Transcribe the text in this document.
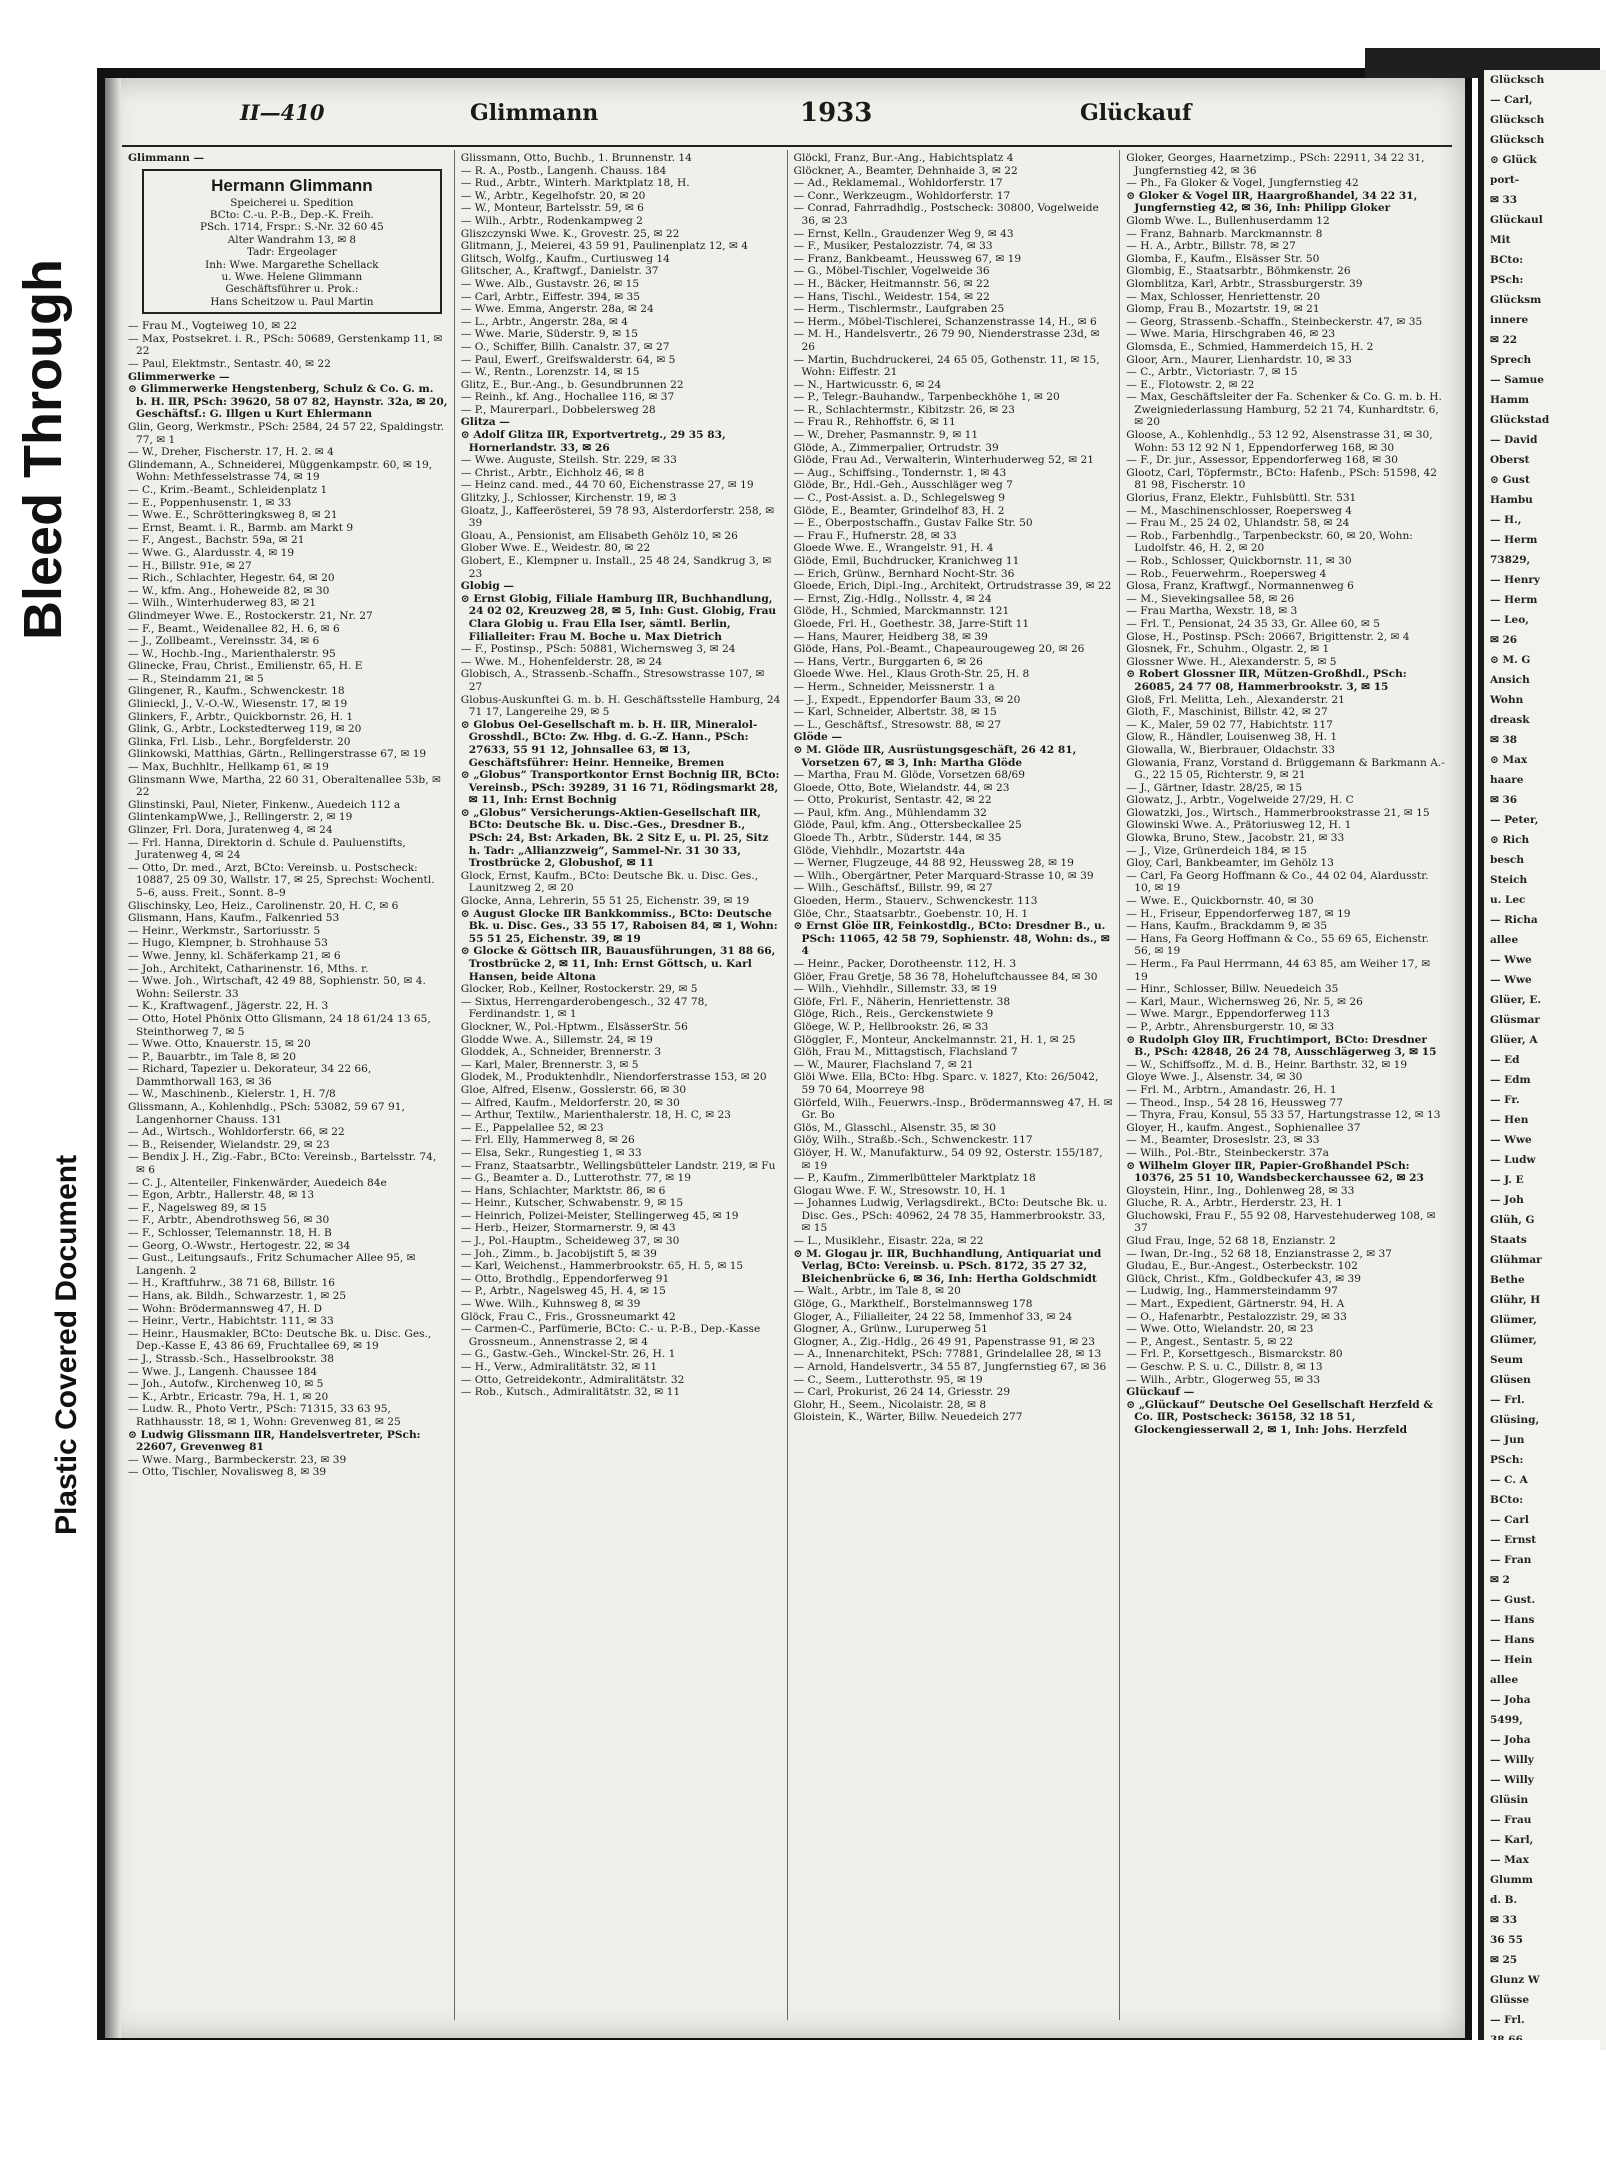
II—410	Glimmann	1933	Glückauf

Glimmann —

Hermann Glimmann
Speicherei u. Spedition
BCto: C.-u. P.-B., Dep.-K. Freih.
PSch. 1714, Frspr.: S.-Nr. 32 60 45
Alter Wandrahm 13, ✉ 8
Tadr: Ergeolager
Inh: Wwe. Margarethe Schellack
u. Wwe. Helene Glimmann
Geschäftsführer u. Prok.:
Hans Scheitzow u. Paul Martin

— Frau M., Vogteiweg 10, ✉ 22

— Max, Postsekret. i. R., PSch: 50689, Gerstenkamp 11, ✉ 22

— Paul, Elektmstr., Sentastr. 40, ✉ 22

Glimmerwerke —

⊙ Glimmerwerke Hengstenberg, Schulz & Co. G. m. b. H. ⅡR, PSch: 39620, 58 07 82, Haynstr. 32a, ✉ 20, Geschäftsf.: G. Illgen u Kurt Ehlermann

Glin, Georg, Werkmstr., PSch: 2584, 24 57 22, Spaldingstr. 77, ✉ 1

— W., Dreher, Fischerstr. 17, H. 2. ✉ 4

Glindemann, A., Schneiderei, Müggenkampstr. 60, ✉ 19, Wohn: Methfesselstrasse 74, ✉ 19

— C., Krim.-Beamt., Schleidenplatz 1

— E., Poppenhusenstr. 1, ✉ 33

— Wwe. E., Schrötteringksweg 8, ✉ 21

— Ernst, Beamt. i. R., Barmb. am Markt 9

— F., Angest., Bachstr. 59a, ✉ 21

— Wwe. G., Alardusstr. 4, ✉ 19

— H., Billstr. 91e, ✉ 27

— Rich., Schlachter, Hegestr. 64, ✉ 20

— W., kfm. Ang., Hoheweide 82, ✉ 30

— Wilh., Winterhuderweg 83, ✉ 21

Glindmeyer Wwe. E., Rostockerstr. 21, Nr. 27

— F., Beamt., Weidenallee 82, H. 6, ✉ 6

— J., Zollbeamt., Vereinsstr. 34, ✉ 6

— W., Hochb.-Ing., Marienthalerstr. 95

Glinecke, Frau, Christ., Emilienstr. 65, H. E

— R., Steindamm 21, ✉ 5

Glingener, R., Kaufm., Schwenckestr. 18

Glinieckl, J., V.-O.-W., Wiesenstr. 17, ✉ 19

Glinkers, F., Arbtr., Quickbornstr. 26, H. 1

Glink, G., Arbtr., Lockstedterweg 119, ✉ 20

Glinka, Frl. Lisb., Lehr., Borgfelderstr. 20

Glinkowski, Matthias, Gärtn., Rellingerstrasse 67, ✉ 19

— Max, Buchhltr., Hellkamp 61, ✉ 19

Glinsmann Wwe, Martha, 22 60 31, Oberaltenallee 53b, ✉ 22

Glinstinski, Paul, Nieter, Finkenw., Auedeich 112 a

GlintenkampWwe, J., Rellingerstr. 2, ✉ 19

Glinzer, Frl. Dora, Juratenweg 4, ✉ 24

— Frl. Hanna, Direktorin d. Schule d. Pauluenstifts, Juratenweg 4, ✉ 24

— Otto, Dr. med., Arzt, BCto: Vereinsb. u. Postscheck: 10887, 25 09 30, Wallstr. 17, ✉ 25, Sprechst: Wochentl. 5–6, auss. Freit., Sonnt. 8–9

Glischinsky, Leo, Heiz., Carolinenstr. 20, H. C, ✉ 6

Glismann, Hans, Kaufm., Falkenried 53

— Heinr., Werkmstr., Sartoriusstr. 5

— Hugo, Klempner, b. Strohhause 53

— Wwe. Jenny, kl. Schäferkamp 21, ✉ 6

— Joh., Architekt, Catharinenstr. 16, Mths. r.

— Wwe. Joh., Wirtschaft, 42 49 88, Sophienstr. 50, ✉ 4. Wohn: Seilerstr. 33

— K., Kraftwagenf., Jägerstr. 22, H. 3

— Otto, Hotel Phönix Otto Glismann, 24 18 61/24 13 65, Steinthorweg 7, ✉ 5

— Wwe. Otto, Knauerstr. 15, ✉ 20

— P., Bauarbtr., im Tale 8, ✉ 20

— Richard, Tapezier u. Dekorateur, 34 22 66, Dammthorwall 163, ✉ 36

— W., Maschinenb., Kielerstr. 1, H. 7/8

Glissmann, A., Kohlenhdlg., PSch: 53082, 59 67 91, Langenhorner Chauss. 131

— Ad., Wirtsch., Wohldorferstr. 66, ✉ 22

— B., Reisender, Wielandstr. 29, ✉ 23

— Bendix J. H., Zig.-Fabr., BCto: Vereinsb., Bartelsstr. 74, ✉ 6

— C. J., Altenteiler, Finkenwärder, Auedeich 84e

— Egon, Arbtr., Hallerstr. 48, ✉ 13

— F., Nagelsweg 89, ✉ 15

— F., Arbtr., Abendrothsweg 56, ✉ 30

— F., Schlosser, Telemannstr. 18, H. B

— Georg, O.-Wwstr., Hertogestr. 22, ✉ 34

— Gust., Leitungsaufs., Fritz Schumacher Allee 95, ✉ Langenh. 2

— H., Kraftfuhrw., 38 71 68, Billstr. 16

— Hans, ak. Bildh., Schwarzestr. 1, ✉ 25

— Wohn: Brödermannsweg 47, H. D

— Heinr., Vertr., Habichtstr. 111, ✉ 33

— Heinr., Hausmakler, BCto: Deutsche Bk. u. Disc. Ges., Dep.-Kasse E, 43 86 69, Fruchtallee 69, ✉ 19

— J., Strassb.-Sch., Hasselbrookstr. 38

— Wwe. J., Langenh. Chaussee 184

— Joh., Autofw., Kirchenweg 10, ✉ 5

— K., Arbtr., Ericastr. 79a, H. 1, ✉ 20

— Ludw. R., Photo Vertr., PSch: 71315, 33 63 95, Rathhausstr. 18, ✉ 1, Wohn: Grevenweg 81, ✉ 25

⊙ Ludwig Glissmann ⅡR, Handelsvertreter, PSch: 22607, Grevenweg 81

— Wwe. Marg., Barmbeckerstr. 23, ✉ 39

— Otto, Tischler, Novalisweg 8, ✉ 39

Glissmann, Otto, Buchb., 1. Brunnenstr. 14

— R. A., Postb., Langenh. Chauss. 184

— Rud., Arbtr., Winterh. Marktplatz 18, H.

— W., Arbtr., Kegelhofstr. 20, ✉ 20

— W., Monteur, Bartelsstr. 59, ✉ 6

— Wilh., Arbtr., Rodenkampweg 2

Gliszczynski Wwe. K., Grovestr. 25, ✉ 22

Glitmann, J., Meierei, 43 59 91, Paulinenplatz 12, ✉ 4

Glitsch, Wolfg., Kaufm., Curtiusweg 14

Glitscher, A., Kraftwgf., Danielstr. 37

— Wwe. Alb., Gustavstr. 26, ✉ 15

— Carl, Arbtr., Eiffestr. 394, ✉ 35

— Wwe. Emma, Angerstr. 28a, ✉ 24

— L., Arbtr., Angerstr. 28a, ✉ 4

— Wwe. Marie, Süderstr. 9, ✉ 15

— O., Schiffer, Billh. Canalstr. 37, ✉ 27

— Paul, Ewerf., Greifswalderstr. 64, ✉ 5

— W., Rentn., Lorenzstr. 14, ✉ 15

Glitz, E., Bur.-Ang., b. Gesundbrunnen 22

— Reinh., kf. Ang., Hochallee 116, ✉ 37

— P., Maurerparl., Dobbelersweg 28

Glitza —

⊙ Adolf Glitza ⅡR, Exportvertretg., 29 35 83, Hornerlandstr. 33, ✉ 26

— Wwe. Auguste, Steilsh. Str. 229, ✉ 33

— Christ., Arbtr., Eichholz 46, ✉ 8

— Heinz cand. med., 44 70 60, Eichenstrasse 27, ✉ 19

Glitzky, J., Schlosser, Kirchenstr. 19, ✉ 3

Gloatz, J., Kaffeerösterei, 59 78 93, Alsterdorferstr. 258, ✉ 39

Gloau, A., Pensionist, am Elisabeth Gehölz 10, ✉ 26

Glober Wwe. E., Weidestr. 80, ✉ 22

Globert, E., Klempner u. Install., 25 48 24, Sandkrug 3, ✉ 23

Globig —

⊙ Ernst Globig, Filiale Hamburg ⅡR, Buchhandlung, 24 02 02, Kreuzweg 28, ✉ 5, Inh: Gust. Globig, Frau Clara Globig u. Frau Ella Iser, sämtl. Berlin, Filialleiter: Frau M. Boche u. Max Dietrich

— F., Postinsp., PSch: 50881, Wichernsweg 3, ✉ 24

— Wwe. M., Hohenfelderstr. 28, ✉ 24

Globisch, A., Strassenb.-Schaffn., Stresowstrasse 107, ✉ 27

Globus-Auskunftei G. m. b. H. Geschäftsstelle Hamburg, 24 71 17, Langereihe 29, ✉ 5

⊙ Globus Oel-Gesellschaft m. b. H. ⅡR, Mineralol-Grosshdl., BCto: Zw. Hbg. d. G.-Z. Hann., PSch: 27633, 55 91 12, Johnsallee 63, ✉ 13, Geschäftsführer: Heinr. Henneike, Bremen

⊙ „Globus” Transportkontor Ernst Bochnig ⅡR, BCto: Vereinsb., PSch: 39289, 31 16 71, Rödingsmarkt 28, ✉ 11, Inh: Ernst Bochnig

⊙ „Globus” Versicherungs-Aktien-Gesellschaft ⅡR, BCto: Deutsche Bk. u. Disc.-Ges., Dresdner B., PSch: 24, Bst: Arkaden, Bk. 2 Sitz E, u. Pl. 25, Sitz h. Tadr: „Allianzzweig”, Sammel-Nr. 31 30 33, Trostbrücke 2, Globushof, ✉ 11

Glock, Ernst, Kaufm., BCto: Deutsche Bk. u. Disc. Ges., Launitzweg 2, ✉ 20

Glocke, Anna, Lehrerin, 55 51 25, Eichenstr. 39, ✉ 19

⊙ August Glocke ⅡR Bankkommiss., BCto: Deutsche Bk. u. Disc. Ges., 33 55 17, Raboisen 84, ✉ 1, Wohn: 55 51 25, Eichenstr. 39, ✉ 19

⊙ Glocke & Göttsch ⅡR, Bauausführungen, 31 88 66, Trostbrücke 2, ✉ 11, Inh: Ernst Göttsch, u. Karl Hansen, beide Altona

Glocker, Rob., Kellner, Rostockerstr. 29, ✉ 5

— Sixtus, Herrengarderobengesch., 32 47 78, Ferdinandstr. 1, ✉ 1

Glockner, W., Pol.-Hptwm., ElsässerStr. 56

Glodde Wwe. A., Sillemstr. 24, ✉ 19

Gloddek, A., Schneider, Brennerstr. 3

— Karl, Maler, Brennerstr. 3, ✉ 5

Glodek, M., Produktenhdlr., Niendorferstrasse 153, ✉ 20

Gloe, Alfred, Elsenw., Gosslerstr. 66, ✉ 30

— Alfred, Kaufm., Meldorferstr. 20, ✉ 30

— Arthur, Textilw., Marienthalerstr. 18, H. C, ✉ 23

— E., Pappelallee 52, ✉ 23

— Frl. Elly, Hammerweg 8, ✉ 26

— Elsa, Sekr., Rungestieg 1, ✉ 33

— Franz, Staatsarbtr., Wellingsbütteler Landstr. 219, ✉ Fu

— G., Beamter a. D., Lutterothstr. 77, ✉ 19

— Hans, Schlachter, Marktstr. 86, ✉ 6

— Heinr., Kutscher, Schwabenstr. 9, ✉ 15

— Heinrich, Polizei-Meister, Stellingerweg 45, ✉ 19

— Herb., Heizer, Stormarnerstr. 9, ✉ 43

— J., Pol.-Hauptm., Scheideweg 37, ✉ 30

— Joh., Zimm., b. Jacobijstift 5, ✉ 39

— Karl, Weichenst., Hammerbrookstr. 65, H. 5, ✉ 15

— Otto, Brothdlg., Eppendorferweg 91

— P., Arbtr., Nagelsweg 45, H. 4, ✉ 15

— Wwe. Wilh., Kuhnsweg 8, ✉ 39

Glöck, Frau C., Fris., Grossneumarkt 42

— Carmen-C., Parfümerie, BCto: C.- u. P.-B., Dep.-Kasse Grossneum., Annenstrasse 2, ✉ 4

— G., Gastw.-Geh., Winckel-Str. 26, H. 1

— H., Verw., Admiralitätstr. 32, ✉ 11

— Otto, Getreidekontr., Admiralitätstr. 32

— Rob., Kutsch., Admiralitätstr. 32, ✉ 11

Glöckl, Franz, Bur.-Ang., Habichtsplatz 4

Glöckner, A., Beamter, Dehnhaide 3, ✉ 22

— Ad., Reklamemal., Wohldorferstr. 17

— Conr., Werkzeugm., Wohldorferstr. 17

— Conrad, Fahrradhdlg., Postscheck: 30800, Vogelweide 36, ✉ 23

— Ernst, Kelln., Graudenzer Weg 9, ✉ 43

— F., Musiker, Pestalozzistr. 74, ✉ 33

— Franz, Bankbeamt., Heussweg 67, ✉ 19

— G., Möbel-Tischler, Vogelweide 36

— H., Bäcker, Heitmannstr. 56, ✉ 22

— Hans, Tischl., Weidestr. 154, ✉ 22

— Herm., Tischlermstr., Laufgraben 25

— Herm., Möbel-Tischlerei, Schanzenstrasse 14, H., ✉ 6

— M. H., Handelsvertr., 26 79 90, Nienderstrasse 23d, ✉ 26

— Martin, Buchdruckerei, 24 65 05, Gothenstr. 11, ✉ 15, Wohn: Eiffestr. 21

— N., Hartwicusstr. 6, ✉ 24

— P., Telegr.-Bauhandw., Tarpenbeckhöhe 1, ✉ 20

— R., Schlachtermstr., Kibitzstr. 26, ✉ 23

— Frau R., Rehhoffstr. 6, ✉ 11

— W., Dreher, Pasmannstr. 9, ✉ 11

Glöde, A., Zimmerpalier, Ortrudstr. 39

Glöde, Frau Ad., Verwalterin, Winterhuderweg 52, ✉ 21

— Aug., Schiffsing., Tondernstr. 1, ✉ 43

Glöde, Br., Hdl.-Geh., Ausschläger weg 7

— C., Post-Assist. a. D., Schlegelsweg 9

Glöde, E., Beamter, Grindelhof 83, H. 2

— E., Oberpostschaffn., Gustav Falke Str. 50

— Frau F., Hufnerstr. 28, ✉ 33

Gloede Wwe. E., Wrangelstr. 91, H. 4

Glöde, Emil, Buchdrucker, Kranichweg 11

— Erich, Grünw., Bernhard Nocht-Str. 36

Gloede, Erich, Dipl.-Ing., Architekt, Ortrudstrasse 39, ✉ 22

— Ernst, Zig.-Hdlg., Nollsstr. 4, ✉ 24

Glöde, H., Schmied, Marckmannstr. 121

Gloede, Frl. H., Goethestr. 38, Jarre-Stift 11

— Hans, Maurer, Heidberg 38, ✉ 39

Glöde, Hans, Pol.-Beamt., Chapeaurougeweg 20, ✉ 26

— Hans, Vertr., Burggarten 6, ✉ 26

Gloede Wwe. Hel., Klaus Groth-Str. 25, H. 8

— Herm., Schneider, Meissnerstr. 1 a

— J., Expedt., Eppendorfer Baum 33, ✉ 20

— Karl, Schneider, Albertstr. 38, ✉ 15

— L., Geschäftsf., Stresowstr. 88, ✉ 27

Glöde —

⊙ M. Glöde ⅡR, Ausrüstungsgeschäft, 26 42 81, Vorsetzen 67, ✉ 3, Inh: Martha Glöde

— Martha, Frau M. Glöde, Vorsetzen 68/69

Gloede, Otto, Bote, Wielandstr. 44, ✉ 23

— Otto, Prokurist, Sentastr. 42, ✉ 22

— Paul, kfm. Ang., Mühlendamm 32

Glöde, Paul, kfm. Ang., Ottersbeckallee 25

Gloede Th., Arbtr., Süderstr. 144, ✉ 35

Glöde, Viehhdlr., Mozartstr. 44a

— Werner, Flugzeuge, 44 88 92, Heussweg 28, ✉ 19

— Wilh., Obergärtner, Peter Marquard-Strasse 10, ✉ 39

— Wilh., Geschäftsf., Billstr. 99, ✉ 27

Gloeden, Herm., Stauerv., Schwenckestr. 113

Glöe, Chr., Staatsarbtr., Goebenstr. 10, H. 1

⊙ Ernst Glöe ⅡR, Feinkostdlg., BCto: Dresdner B., u. PSch: 11065, 42 58 79, Sophienstr. 48, Wohn: ds., ✉ 4

— Heinr., Packer, Dorotheenstr. 112, H. 3

Glöer, Frau Gretje, 58 36 78, Hoheluftchaussee 84, ✉ 30

— Wilh., Viehhdlr., Sillemstr. 33, ✉ 19

Glöfe, Frl. F., Näherin, Henriettenstr. 38

Glöge, Rich., Reis., Gerckenstwiete 9

Glöege, W. P., Hellbrookstr. 26, ✉ 33

Glöggler, F., Monteur, Anckelmannstr. 21, H. 1, ✉ 25

Glöh, Frau M., Mittagstisch, Flachsland 7

— W., Maurer, Flachsland 7, ✉ 21

Glöi Wwe. Ella, BCto: Hbg. Sparc. v. 1827, Kto: 26/5042, 59 70 64, Moorreye 98

Glörfeld, Wilh., Feuerwrs.-Insp., Brödermannsweg 47, H. ✉ Gr. Bo

Glös, M., Glasschl., Alsenstr. 35, ✉ 30

Glöy, Wilh., Straßb.-Sch., Schwenckestr. 117

Glöyer, H. W., Manufakturw., 54 09 92, Osterstr. 155/187, ✉ 19

— P., Kaufm., Zimmerlbütteler Marktplatz 18

Glogau Wwe. F. W., Stresowstr. 10, H. 1

— Johannes Ludwig, Verlagsdirekt., BCto: Deutsche Bk. u. Disc. Ges., PSch: 40962, 24 78 35, Hammerbrookstr. 33, ✉ 15

— L., Musiklehr., Eisastr. 22a, ✉ 22

⊙ M. Glogau jr. ⅡR, Buchhandlung, Antiquariat und Verlag, BCto: Vereinsb. u. PSch. 8172, 35 27 32, Bleichenbrücke 6, ✉ 36, Inh: Hertha Goldschmidt

— Walt., Arbtr., im Tale 8, ✉ 20

Glöge, G., Markthelf., Borstelmannsweg 178

Gloger, A., Filialleiter, 24 22 58, Immenhof 33, ✉ 24

Glogner, A., Grünw., Luruperweg 51

Glogner, A., Zig.-Hdlg., 26 49 91, Papenstrasse 91, ✉ 23

— A., Innenarchitekt, PSch: 77881, Grindelallee 28, ✉ 13

— Arnold, Handelsvertr., 34 55 87, Jungfernstieg 67, ✉ 36

— C., Seem., Lutterothstr. 95, ✉ 19

— Carl, Prokurist, 26 24 14, Griesstr. 29

Glohr, H., Seem., Nicolaistr. 28, ✉ 8

Gloistein, K., Wärter, Billw. Neuedeich 277

Gloker, Georges, Haarnetzimp., PSch: 22911, 34 22 31, Jungfernstieg 42, ✉ 36

— Ph., Fa Gloker & Vogel, Jungfernstieg 42

⊙ Gloker & Vogel ⅡR, Haargroßhandel, 34 22 31, Jungfernstieg 42, ✉ 36, Inh: Philipp Gloker

Glomb Wwe. L., Bullenhuserdamm 12

— Franz, Bahnarb. Marckmannstr. 8

— H. A., Arbtr., Billstr. 78, ✉ 27

Glomba, F., Kaufm., Elsässer Str. 50

Glombig, E., Staatsarbtr., Böhmkenstr. 26

Glomblitza, Karl, Arbtr., Strassburgerstr. 39

— Max, Schlosser, Henriettenstr. 20

Glomp, Frau B., Mozartstr. 19, ✉ 21

— Georg, Strassenb.-Schaffn., Steinbeckerstr. 47, ✉ 35

— Wwe. Maria, Hirschgraben 46, ✉ 23

Glomsda, E., Schmied, Hammerdeich 15, H. 2

Gloor, Arn., Maurer, Lienhardstr. 10, ✉ 33

— C., Arbtr., Victoriastr. 7, ✉ 15

— E., Flotowstr. 2, ✉ 22

— Max, Geschäftsleiter der Fa. Schenker & Co. G. m. b. H. Zweigniederlassung Hamburg, 52 21 74, Kunhardtstr. 6, ✉ 20

Gloose, A., Kohlenhdlg., 53 12 92, Alsenstrasse 31, ✉ 30, Wohn: 53 12 92 N 1, Eppendorferweg 168, ✉ 30

— F., Dr. jur., Assessor, Eppendorferweg 168, ✉ 30

Glootz, Carl, Töpfermstr., BCto: Hafenb., PSch: 51598, 42 81 98, Fischerstr. 10

Glorius, Franz, Elektr., Fuhlsbüttl. Str. 531

— M., Maschinenschlosser, Roepersweg 4

— Frau M., 25 24 02, Uhlandstr. 58, ✉ 24

— Rob., Farbenhdlg., Tarpenbeckstr. 60, ✉ 20, Wohn: Ludolfstr. 46, H. 2, ✉ 20

— Rob., Schlosser, Quickbornstr. 11, ✉ 30

— Rob., Feuerwehrm., Roepersweg 4

Glosa, Franz, Kraftwgf., Normannenweg 6

— M., Sievekingsallee 58, ✉ 26

— Frau Martha, Wexstr. 18, ✉ 3

— Frl. T., Pensionat, 24 35 33, Gr. Allee 60, ✉ 5

Glose, H., Postinsp. PSch: 20667, Brigittenstr. 2, ✉ 4

Glosnek, Fr., Schuhm., Olgastr. 2, ✉ 1

Glossner Wwe. H., Alexanderstr. 5, ✉ 5

⊙ Robert Glossner ⅡR, Mützen-Großhdl., PSch: 26085, 24 77 08, Hammerbrookstr. 3, ✉ 15

Gloß, Frl. Melitta, Leh., Alexanderstr. 21

Gloth, F., Maschinist, Billstr. 42, ✉ 27

— K., Maler, 59 02 77, Habichtstr. 117

Glow, R., Händler, Louisenweg 38, H. 1

Glowalla, W., Bierbrauer, Oldachstr. 33

Glowania, Franz, Vorstand d. Brüggemann & Barkmann A.-G., 22 15 05, Richterstr. 9, ✉ 21

— J., Gärtner, Idastr. 28/25, ✉ 15

Glowatz, J., Arbtr., Vogelweide 27/29, H. C

Glowatzki, Jos., Wirtsch., Hammerbrookstrasse 21, ✉ 15

Glowinski Wwe. A., Prätoriusweg 12, H. 1

Glowka, Bruno, Stew., Jacobstr. 21, ✉ 33

— J., Vize, Grünerdeich 184, ✉ 15

Gloy, Carl, Bankbeamter, im Gehölz 13

— Carl, Fa Georg Hoffmann & Co., 44 02 04, Alardusstr. 10, ✉ 19

— Wwe. E., Quickbornstr. 40, ✉ 30

— H., Friseur, Eppendorferweg 187, ✉ 19

— Hans, Kaufm., Brackdamm 9, ✉ 35

— Hans, Fa Georg Hoffmann & Co., 55 69 65, Eichenstr. 56, ✉ 19

— Herm., Fa Paul Herrmann, 44 63 85, am Weiher 17, ✉ 19

— Hinr., Schlosser, Billw. Neuedeich 35

— Karl, Maur., Wichernsweg 26, Nr. 5, ✉ 26

— Wwe. Margr., Eppendorferweg 113

— P., Arbtr., Ahrensburgerstr. 10, ✉ 33

⊙ Rudolph Gloy ⅡR, Fruchtimport, BCto: Dresdner B., PSch: 42848, 26 24 78, Ausschlägerweg 3, ✉ 15

— W., Schiffsoffz., M. d. B., Heinr. Barthstr. 32, ✉ 19

Gloye Wwe. J., Alsenstr. 34, ✉ 30

— Frl. M., Arbtrn., Amandastr. 26, H. 1

— Theod., Insp., 54 28 16, Heussweg 77

— Thyra, Frau, Konsul, 55 33 57, Hartungstrasse 12, ✉ 13

Gloyer, H., kaufm. Angest., Sophienallee 37

— M., Beamter, Droseslstr. 23, ✉ 33

— Wilh., Pol.-Btr., Steinbeckerstr. 37a

⊙ Wilhelm Gloyer ⅡR, Papier-Großhandel PSch: 10376, 25 51 10, Wandsbeckerchaussee 62, ✉ 23

Gloystein, Hinr., Ing., Dohlenweg 28, ✉ 33

Gluche, R. A., Arbtr., Herderstr. 23, H. 1

Gluchowski, Frau F., 55 92 08, Harvestehuderweg 108, ✉ 37

Glud Frau, Inge, 52 68 18, Enzianstr. 2

— Iwan, Dr.-Ing., 52 68 18, Enzianstrasse 2, ✉ 37

Gludau, E., Bur.-Angest., Osterbeckstr. 102

Glück, Christ., Kfm., Goldbeckufer 43, ✉ 39

— Ludwig, Ing., Hammersteindamm 97

— Mart., Expedient, Gärtnerstr. 94, H. A

— O., Hafenarbtr., Pestalozzistr. 29, ✉ 33

— Wwe. Otto, Wielandstr. 20, ✉ 23

— P., Angest., Sentastr. 5, ✉ 22

— Frl. P., Korsettgesch., Bismarckstr. 80

— Geschw. P. S. u. C., Dillstr. 8, ✉ 13

— Wilh., Arbtr., Glogerweg 55, ✉ 33

Glückauf —

⊙ „Glückauf” Deutsche Oel Gesellschaft Herzfeld & Co. ⅡR, Postscheck: 36158, 32 18 51, Glockengiesserwall 2, ✉ 1, Inh: Johs. Herzfeld

Glücksch
— Carl,
Glücksch
Glücksch
⊙ Glück
port-
✉ 33
Glückaul
Mit
BCto:
PSch:
Glücksm
innere
✉ 22
Sprech
— Samue
Hamm
Glückstad
— David
Oberst
⊙ Gust
Hambu
— H.,
— Herm
73829,
— Henry
— Herm
— Leo,
✉ 26
⊙ M. G
Ansich
Wohn
dreask
✉ 38
⊙ Max
haare
✉ 36
— Peter,
⊙ Rich
besch
Steich
u. Lec
— Richa
allee
— Wwe
— Wwe
Glüer, E.
Glüsmar
Glüer, A
— Ed
— Edm
— Fr.
— Hen
— Wwe
— Ludw
— J. E
— Joh
Glüh, G
Staats
Glühmar
Bethe
Glühr, H
Glümer,
Glümer,
Seum
Glüsen
— Frl.
Glüsing,
— Jun
PSch:
— C. A
BCto:
— Carl
— Ernst
— Fran
✉ 2
— Gust.
— Hans
— Hans
— Hein
allee
— Joha
5499,
— Joha
— Willy
— Willy
Glüsin
— Frau
— Karl,
— Max
Glumm
d. B.
✉ 33
36 55
✉ 25
Glunz W
Glüsse
— Frl.
Bleed Through
Plastic Covered Document
